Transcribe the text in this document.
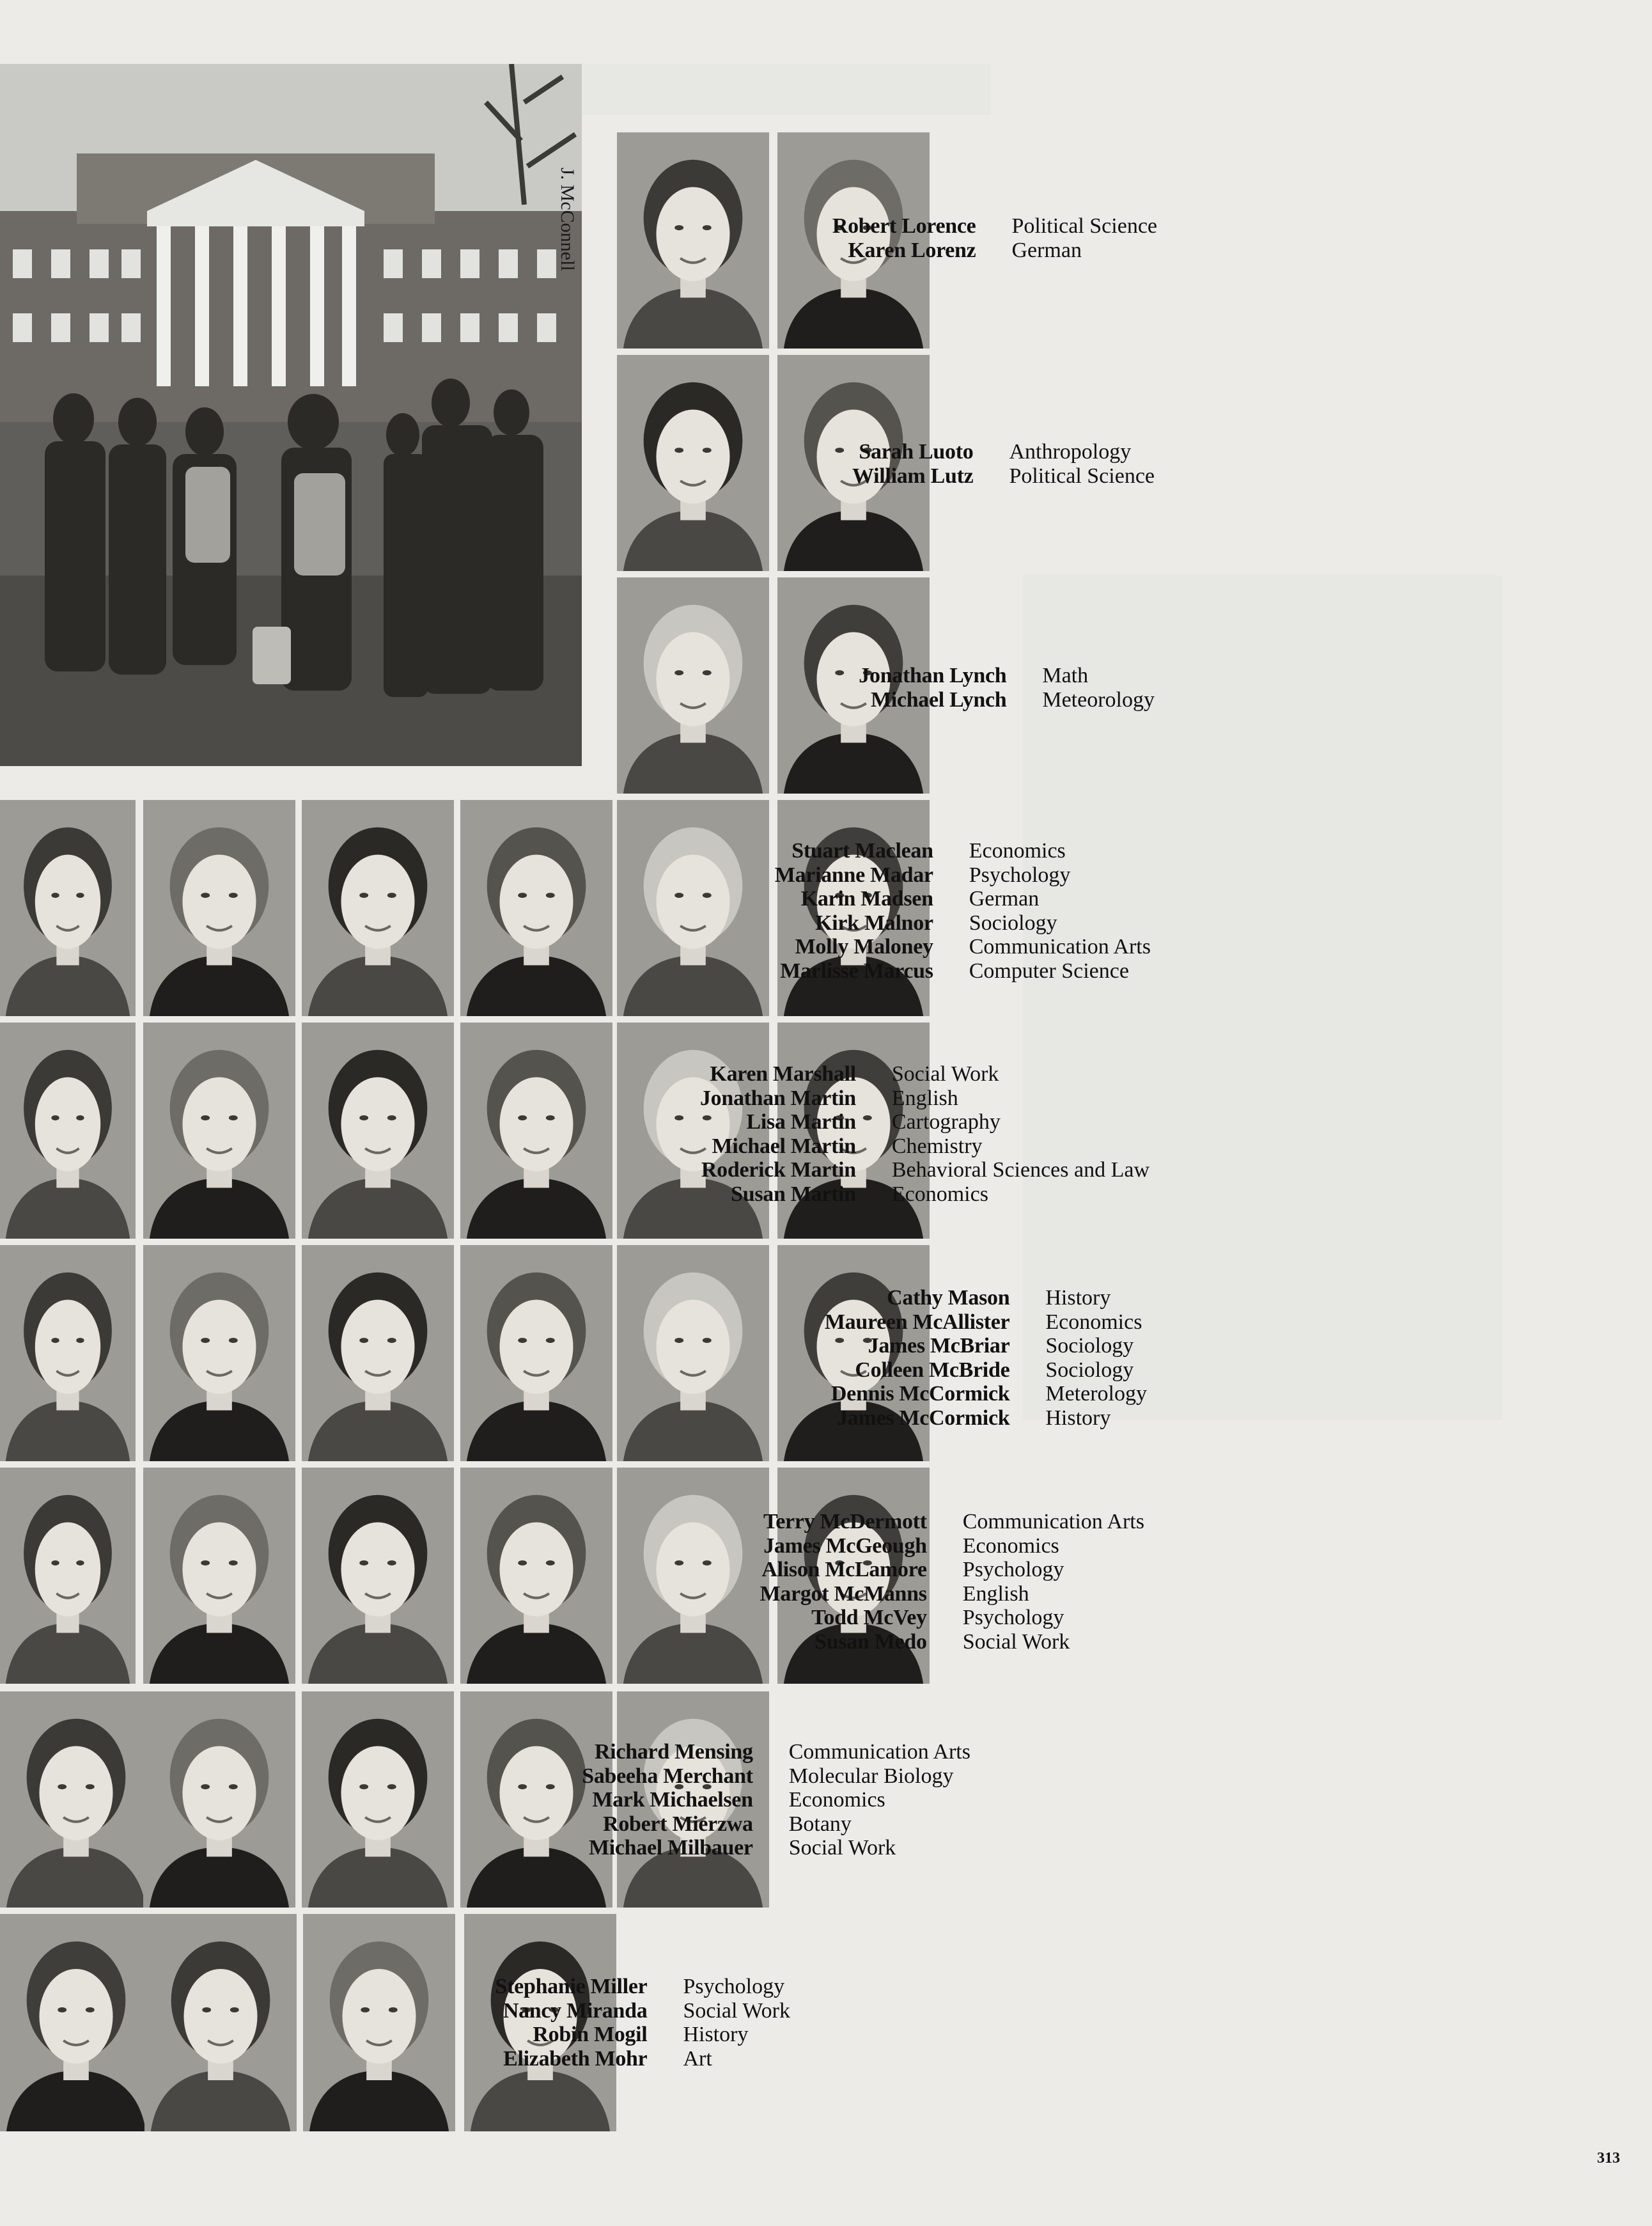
J. McConnell	Robert Lorence Political Science
Karen Lorenz German
Sarah Luoto Anthropology
William Lutz Political Science
Jonathan Lynch Math
Michael Lynch Meteorology
Stuart Maclean Economics
Marianne Madar Psychology
Karin Madsen German
Kirk Malnor Sociology
Molly Maloney Communication Arts
Marlisse Marcus Computer Science
Karen Marshall Social Work
Jonathan Martin English
Lisa Martin Cartography
Michael Martin Chemistry
Roderick Martin Behavioral Sciences and Law
Susan Martin Economics
Cathy Mason History
Maureen McAllister Economics
James McBriar Sociology
Colleen McBride Sociology
Dennis McCormick Meterology
James McCormick History
Terry McDermott Communication Arts
James McGeough Economics
Alison McLamore Psychology
Margot McManns English
Todd McVey Psychology
Susan Medo Social Work
Richard Mensing Communication Arts
Sabeeha Merchant Molecular Biology
Mark Michaelsen Economics
Robert Mierzwa Botany
Michael Milbauer Social Work
Stephanie Miller Psychology
Nancy Miranda Social Work
Robin Mogil History
Elizabeth Mohr Art
313
